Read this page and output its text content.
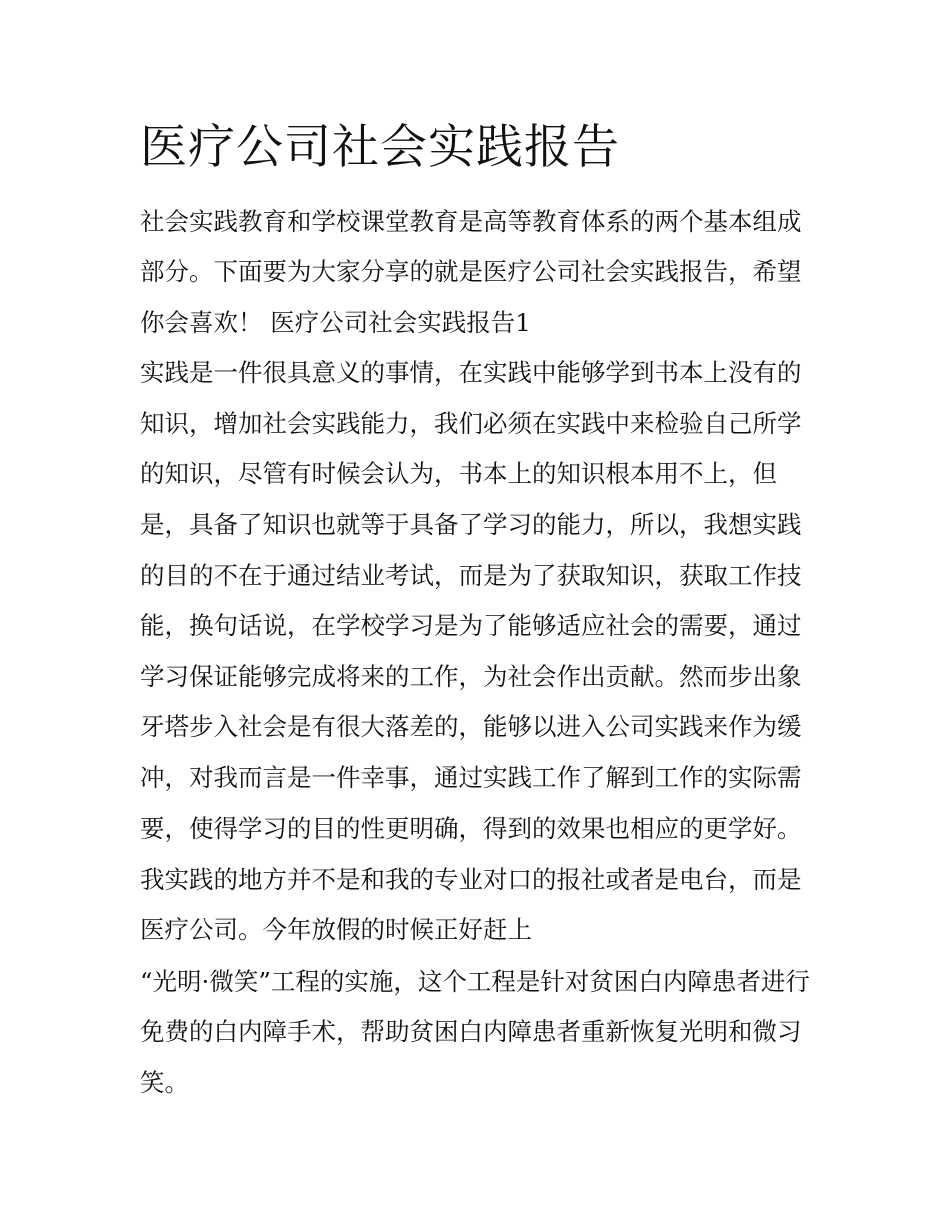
医疗公司社会实践报告

社会实践教育和学校课堂教育是高等教育体系的两个基本组成

部分。下面要为大家分享的就是医疗公司社会实践报告，希望

你会喜欢！ 医疗公司社会实践报告1

实践是一件很具意义的事情，在实践中能够学到书本上没有的

知识，增加社会实践能力，我们必须在实践中来检验自己所学

的知识，尽管有时候会认为，书本上的知识根本用不上，但

是，具备了知识也就等于具备了学习的能力，所以，我想实践

的目的不在于通过结业考试，而是为了获取知识，获取工作技

能，换句话说，在学校学习是为了能够适应社会的需要，通过

学习保证能够完成将来的工作，为社会作出贡献。然而步出象

牙塔步入社会是有很大落差的，能够以进入公司实践来作为缓

冲，对我而言是一件幸事，通过实践工作了解到工作的实际需

要，使得学习的目的性更明确，得到的效果也相应的更学好。

我实践的地方并不是和我的专业对口的报社或者是电台，而是

医疗公司。今年放假的时候正好赶上

“光明·微笑”工程的实施，这个工程是针对贫困白内障患者进行

免费的白内障手术，帮助贫困白内障患者重新恢复光明和微习

笑。
